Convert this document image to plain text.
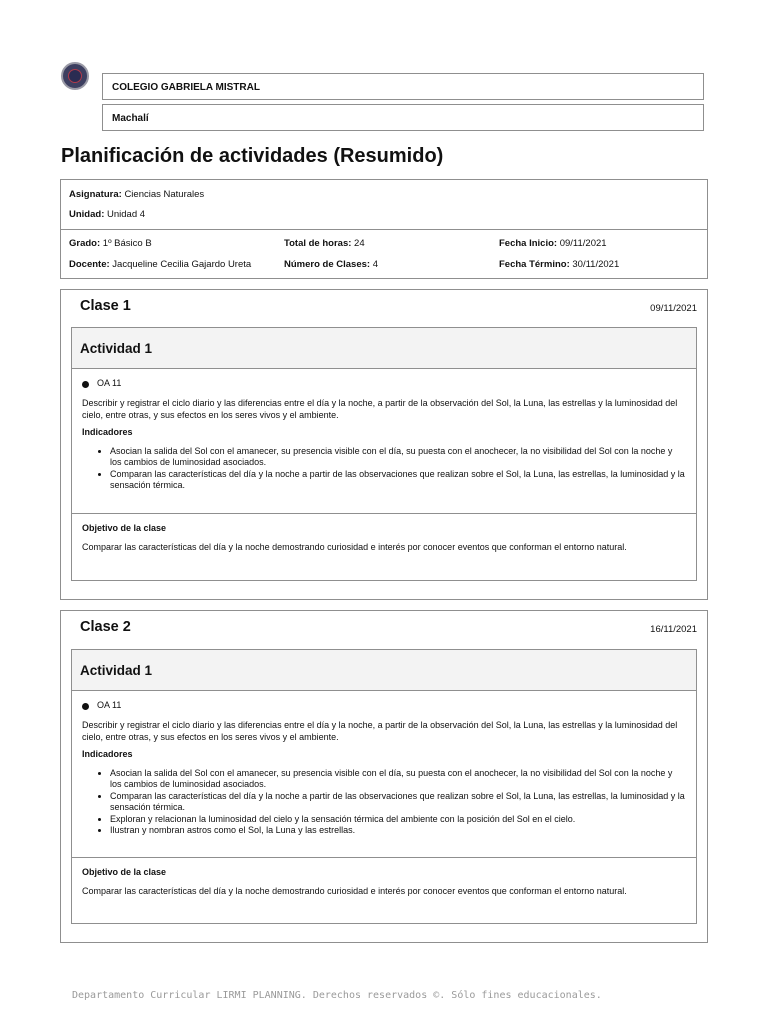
COLEGIO GABRIELA MISTRAL
Machalí
Planificación de actividades (Resumido)
Asignatura: Ciencias Naturales
Unidad: Unidad 4
Grado: 1º Básico B	Total de horas: 24	Fecha Inicio: 09/11/2021
Docente: Jacqueline Cecilia Gajardo Ureta	Número de Clases: 4	Fecha Término: 30/11/2021
Clase 1	09/11/2021
Actividad 1
OA 11

Describir y registrar el ciclo diario y las diferencias entre el día y la noche, a partir de la observación del Sol, la Luna, las estrellas y la luminosidad del cielo, entre otras, y sus efectos en los seres vivos y el ambiente.

Indicadores

• Asocian la salida del Sol con el amanecer, su presencia visible con el día, su puesta con el anochecer, la no visibilidad del Sol con la noche y los cambios de luminosidad asociados.
• Comparan las características del día y la noche a partir de las observaciones que realizan sobre el Sol, la Luna, las estrellas, la luminosidad y la sensación térmica.

Objetivo de la clase

Comparar las características del día y la noche demostrando curiosidad e interés por conocer eventos que conforman el entorno natural.

Clase 2	16/11/2021
Actividad 1
OA 11

Describir y registrar el ciclo diario y las diferencias entre el día y la noche, a partir de la observación del Sol, la Luna, las estrellas y la luminosidad del cielo, entre otras, y sus efectos en los seres vivos y el ambiente.

Indicadores

• Asocian la salida del Sol con el amanecer, su presencia visible con el día, su puesta con el anochecer, la no visibilidad del Sol con la noche y los cambios de luminosidad asociados.
• Comparan las características del día y la noche a partir de las observaciones que realizan sobre el Sol, la Luna, las estrellas, la luminosidad y la sensación térmica.
• Exploran y relacionan la luminosidad del cielo y la sensación térmica del ambiente con la posición del Sol en el cielo.
• Ilustran y nombran astros como el Sol, la Luna y las estrellas.

Objetivo de la clase

Comparar las características del día y la noche demostrando curiosidad e interés por conocer eventos que conforman el entorno natural.

Departamento Curricular LIRMI PLANNING. Derechos reservados ©. Sólo fines educacionales.
